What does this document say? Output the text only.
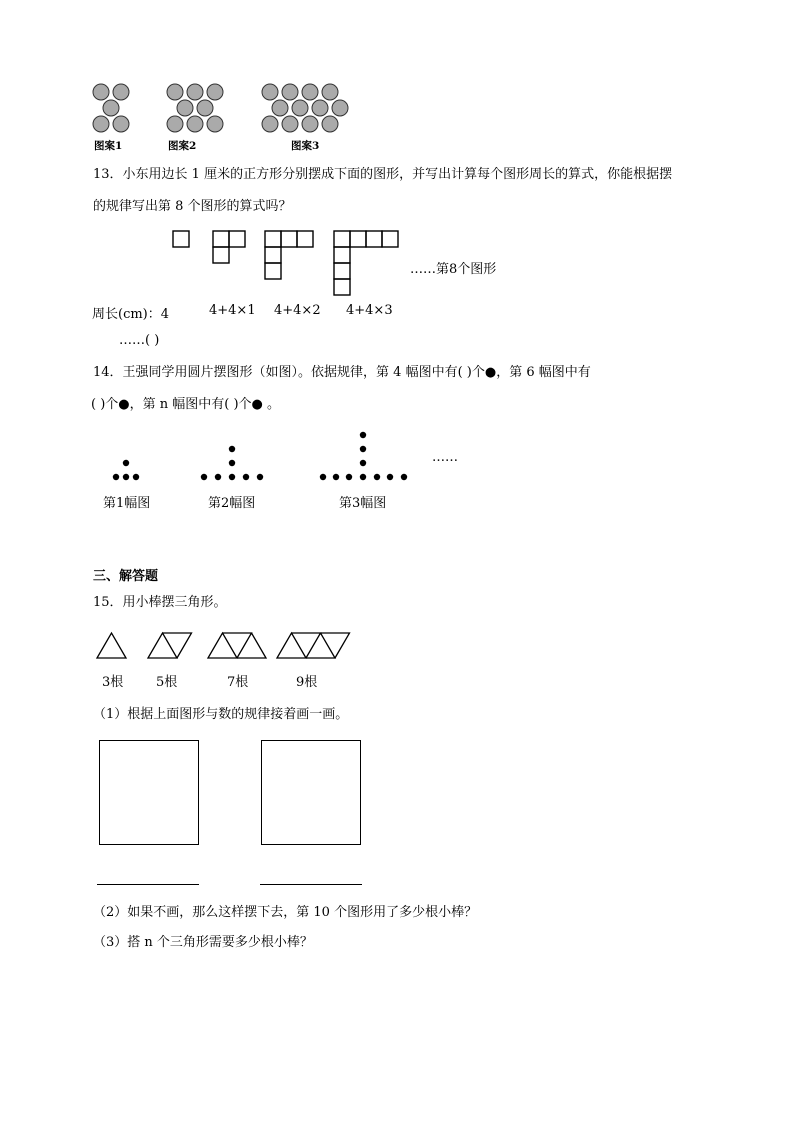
图案1	图案2	图案3
13．小东用边长 1 厘米的正方形分别摆成下面的图形，并写出计算每个图形周长的算式，你能根据摆
的规律写出第 8 个图形的算式吗？
……第8个图形
周长(cm)：4	4+4×1 4+4×2 4+4×3
……( )
14．王强同学用圆片摆图形（如图）。依据规律，第 4 幅图中有( )个●，第 6 幅图中有
( )个●，第 n 幅图中有( )个● 。
……
第1幅图	第2幅图	第3幅图
三、解答题
15．用小棒摆三角形。
3根	5根	7根	9根
（1）根据上面图形与数的规律接着画一画。
（2）如果不画，那么这样摆下去，第 10 个图形用了多少根小棒？
（3）搭 n 个三角形需要多少根小棒？
